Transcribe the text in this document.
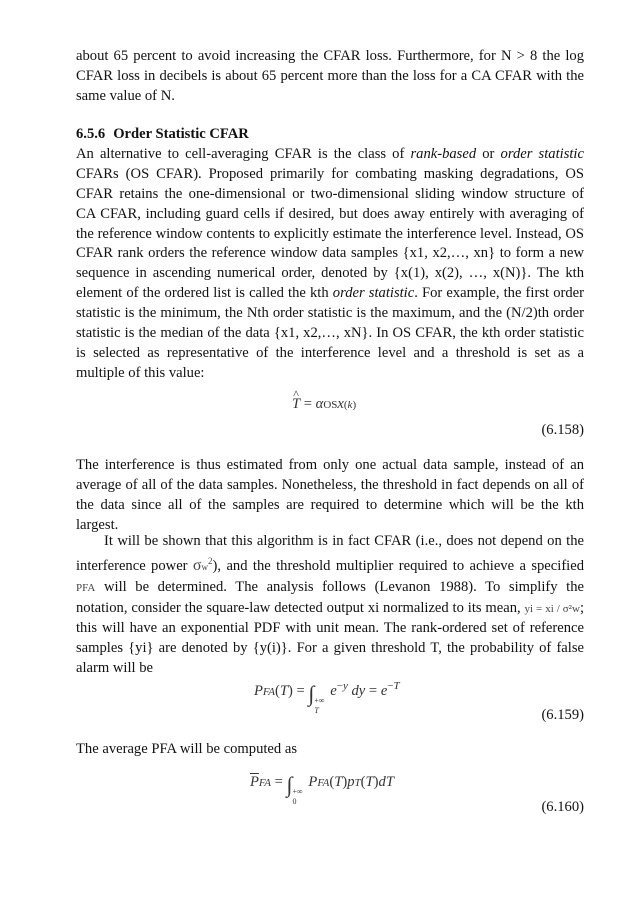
about 65 percent to avoid increasing the CFAR loss. Furthermore, for N > 8 the log CFAR loss in decibels is about 65 percent more than the loss for a CA CFAR with the same value of N.

6.5.6 Order Statistic CFAR

An alternative to cell-averaging CFAR is the class of rank-based or order statistic CFARs (OS CFAR). Proposed primarily for combating masking degradations, OS CFAR retains the one-dimensional or two-dimensional sliding window structure of CA CFAR, including guard cells if desired, but does away entirely with averaging of the reference window contents to explicitly estimate the interference level. Instead, OS CFAR rank orders the reference window data samples {x1, x2,…, xn} to form a new sequence in ascending numerical order, denoted by {x(1), x(2), …, x(N)}. The kth element of the ordered list is called the kth order statistic. For example, the first order statistic is the minimum, the Nth order statistic is the maximum, and the (N/2)th order statistic is the median of the data {x1, x2,…, xN}. In OS CFAR, the kth order statistic is selected as representative of the interference level and a threshold is set as a multiple of this value:

^ T = αOSx(k)
(6.158)

The interference is thus estimated from only one actual data sample, instead of an average of all of the data samples. Nonetheless, the threshold in fact depends on all of the data since all of the samples are required to determine which will be the kth largest.

It will be shown that this algorithm is in fact CFAR (i.e., does not depend on the interference power $\sigma w^2$), and the threshold multiplier required to achieve a specified PFA will be determined. The analysis follows (Levanon 1988). To simplify the notation, consider the square-law detected output xi normalized to its mean, yi = xi / σ²w; this will have an exponential PDF with unit mean. The rank-ordered set of reference samples {yi} are denoted by {y(i)}. For a given threshold T, the probability of false alarm will be

PFA(T) = ∫ +∞
T
$e^{-y}$ dy = $e^{-T}$
(6.159)

The average PFA will be computed as

$\overline{P}FA$ = ∫ +∞
0
PFA(T)pT(T)dT
(6.160)
